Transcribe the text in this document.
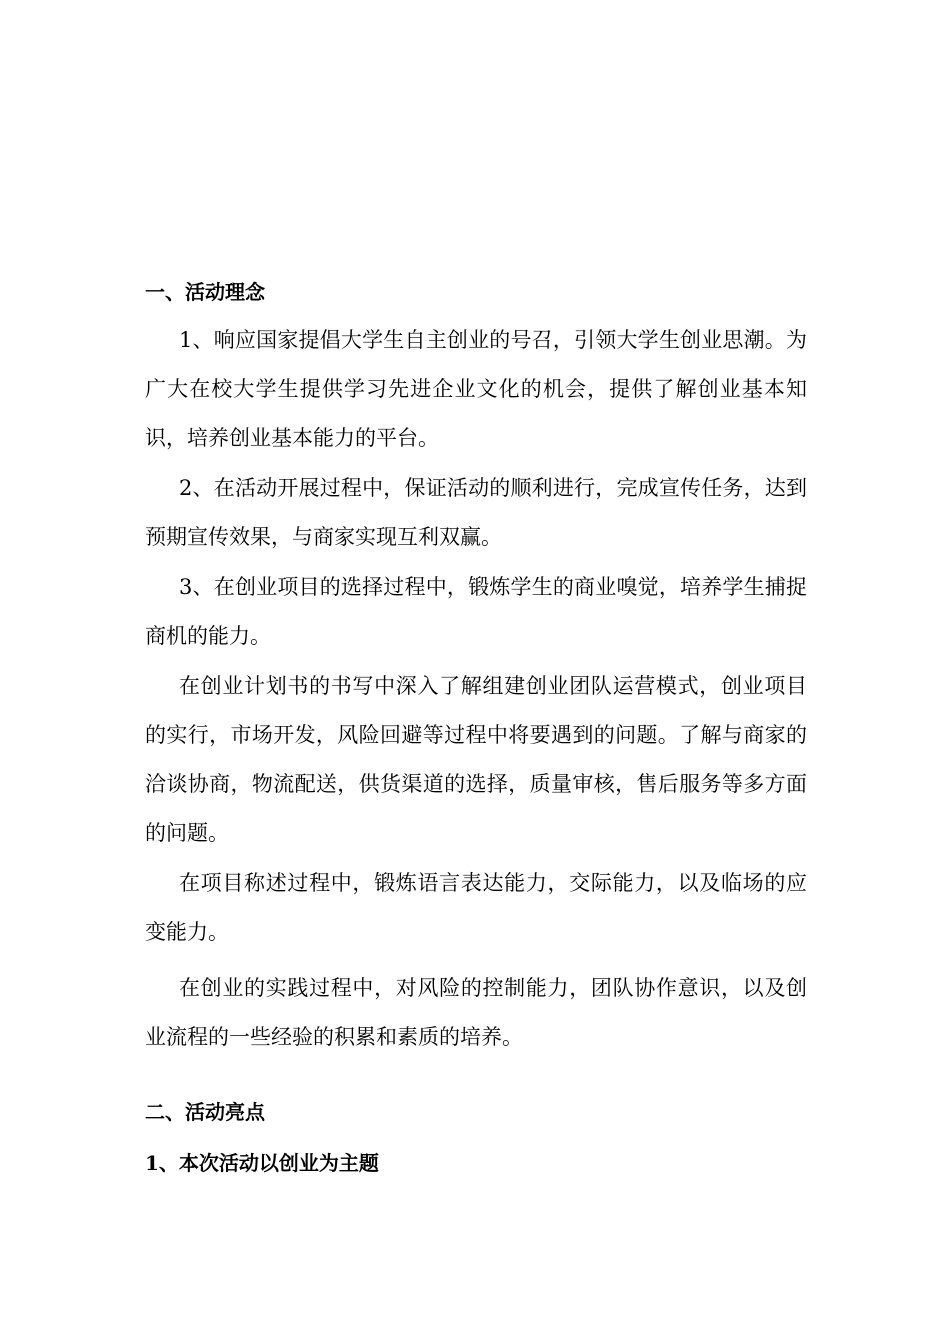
一、活动理念

1、响应国家提倡大学生自主创业的号召，引领大学生创业思潮。为广大在校大学生提供学习先进企业文化的机会，提供了解创业基本知识，培养创业基本能力的平台。

2、在活动开展过程中，保证活动的顺利进行，完成宣传任务，达到预期宣传效果，与商家实现互利双赢。

3、在创业项目的选择过程中，锻炼学生的商业嗅觉，培养学生捕捉商机的能力。

在创业计划书的书写中深入了解组建创业团队运营模式，创业项目的实行，市场开发，风险回避等过程中将要遇到的问题。了解与商家的洽谈协商，物流配送，供货渠道的选择，质量审核，售后服务等多方面的问题。

在项目称述过程中，锻炼语言表达能力，交际能力，以及临场的应变能力。

在创业的实践过程中，对风险的控制能力，团队协作意识，以及创业流程的一些经验的积累和素质的培养。

二、活动亮点
1、本次活动以创业为主题
